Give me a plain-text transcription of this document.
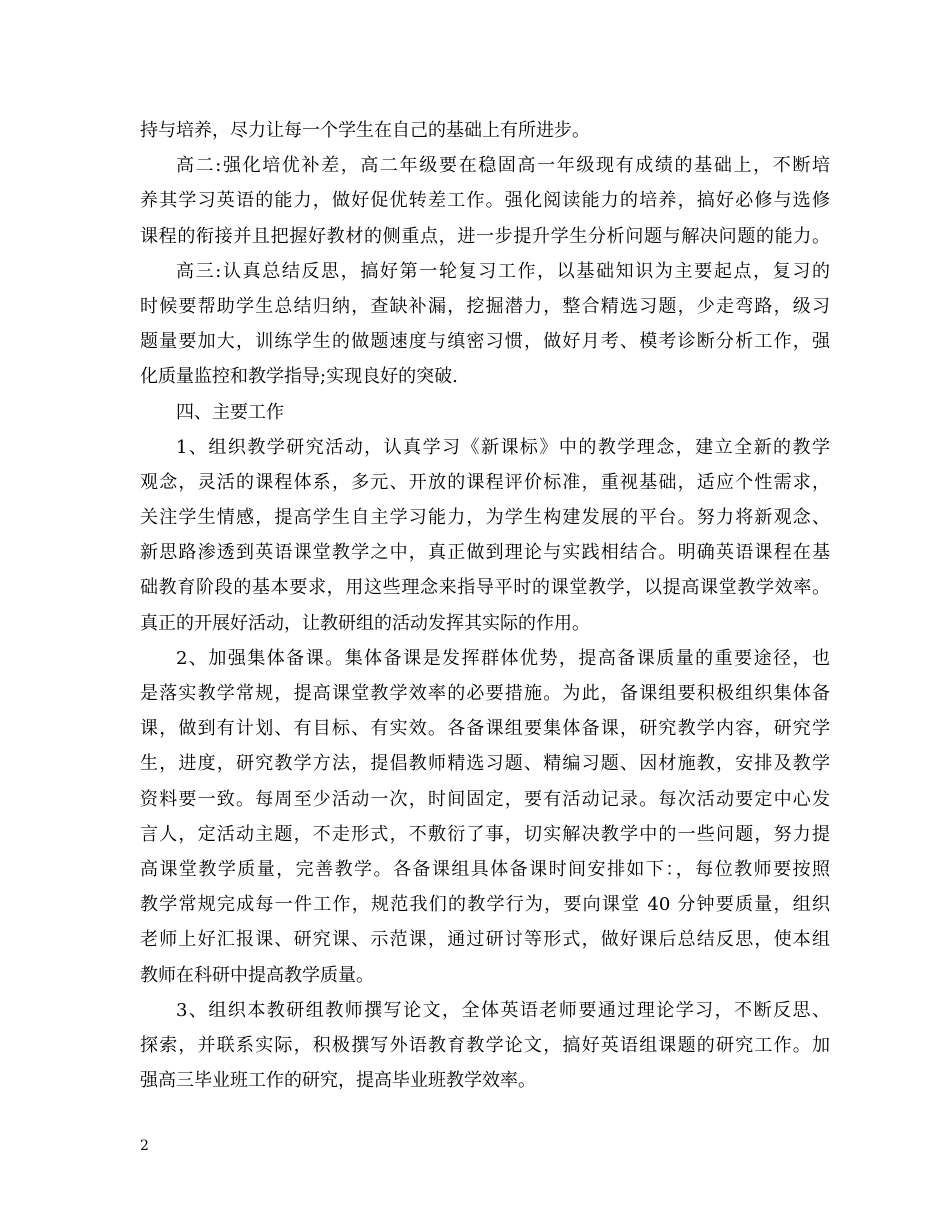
持与培养，尽力让每一个学生在自己的基础上有所进步。
高二:强化培优补差，高二年级要在稳固高一年级现有成绩的基础上，不断培
养其学习英语的能力，做好促优转差工作。强化阅读能力的培养，搞好必修与选修
课程的衔接并且把握好教材的侧重点，进一步提升学生分析问题与解决问题的能力。
高三:认真总结反思，搞好第一轮复习工作，以基础知识为主要起点，复习的
时候要帮助学生总结归纳，查缺补漏，挖掘潜力，整合精选习题，少走弯路，级习
题量要加大，训练学生的做题速度与缜密习惯，做好月考、模考诊断分析工作，强
化质量监控和教学指导;实现良好的突破.
四、主要工作
1、组织教学研究活动，认真学习《新课标》中的教学理念，建立全新的教学
观念，灵活的课程体系，多元、开放的课程评价标准，重视基础，适应个性需求，
关注学生情感，提高学生自主学习能力，为学生构建发展的平台。努力将新观念、
新思路渗透到英语课堂教学之中，真正做到理论与实践相结合。明确英语课程在基
础教育阶段的基本要求，用这些理念来指导平时的课堂教学，以提高课堂教学效率。
真正的开展好活动，让教研组的活动发挥其实际的作用。
2、加强集体备课。集体备课是发挥群体优势，提高备课质量的重要途径，也
是落实教学常规，提高课堂教学效率的必要措施。为此，备课组要积极组织集体备
课，做到有计划、有目标、有实效。各备课组要集体备课，研究教学内容，研究学
生，进度，研究教学方法，提倡教师精选习题、精编习题、因材施教，安排及教学
资料要一致。每周至少活动一次，时间固定，要有活动记录。每次活动要定中心发
言人，定活动主题，不走形式，不敷衍了事，切实解决教学中的一些问题，努力提
高课堂教学质量，完善教学。各备课组具体备课时间安排如下：，每位教师要按照
教学常规完成每一件工作，规范我们的教学行为，要向课堂 40 分钟要质量，组织
老师上好汇报课、研究课、示范课，通过研讨等形式，做好课后总结反思，使本组
教师在科研中提高教学质量。
3、组织本教研组教师撰写论文，全体英语老师要通过理论学习，不断反思、
探索，并联系实际，积极撰写外语教育教学论文，搞好英语组课题的研究工作。加
强高三毕业班工作的研究，提高毕业班教学效率。
2
